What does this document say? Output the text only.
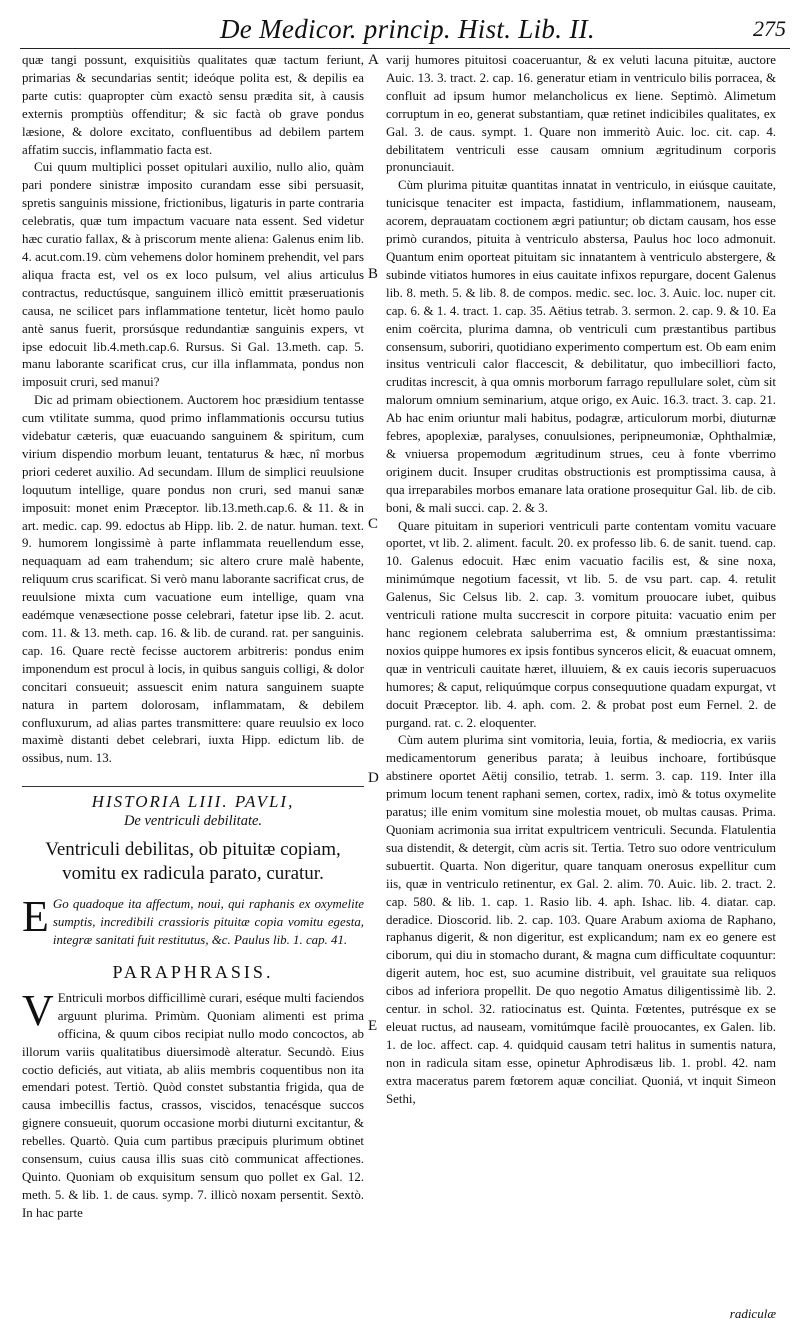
De Medicor. princip. Hist. Lib. II.	275
A
B
C
D
E

quæ tangi possunt, exquisitiùs qualitates quæ tactum feriunt, primarias & secundarias sentit; ideóque polita est, & depilis ea parte cutis: quapropter cùm exactò sensu prædita sit, à causis externis promptiùs offenditur; & sic factà ob grave pondus læsione, & dolore excitato, confluentibus ad debilem partem affatim succis, inflammatio facta est.

Cui quum multiplici posset opitulari auxilio, nullo alio, quàm pari pondere sinistræ imposito curandam esse sibi persuasit, spretis sanguinis missione, frictionibus, ligaturis in parte contraria celebratis, quæ tum impactum vacuare nata essent. Sed videtur hæc curatio fallax, & à priscorum mente aliena: Galenus enim lib. 4. acut.com.19. cùm vehemens dolor hominem prehendit, vel pars aliqua fracta est, vel os ex loco pulsum, vel alius articulus contractus, reductúsque, sanguinem illicò emittit præseruationis causa, ne scilicet pars inflammatione tentetur, licèt homo paulo antè sanus fuerit, prorsúsque redundantiæ sanguinis expers, vt ipse edocuit lib.4.meth.cap.6. Rursus. Si Gal. 13.meth. cap. 5. manu laborante scarificat crus, cur illa inflammata, pondus non imposuit cruri, sed manui?

Dic ad primam obiectionem. Auctorem hoc præsidium tentasse cum vtilitate summa, quod primo inflammationis occursu tutius videbatur cæteris, quæ euacuando sanguinem & spiritum, cum virium dispendio morbum leuant, tentaturus & hæc, nî morbus priori cederet auxilio. Ad secundam. Illum de simplici reuulsione loquutum intellige, quare pondus non cruri, sed manui sanæ imposuit: monet enim Præceptor. lib.13.meth.cap.6. & 11. & in art. medic. cap. 99. edoctus ab Hipp. lib. 2. de natur. human. text. 9. humorem longissimè à parte inflammata reuellendum esse, nequaquam ad eam trahendum; sic altero crure malè habente, reliquum crus scarificat. Si verò manu laborante sacrificat crus, de reuulsione mixta cum vacuatione eum intellige, quam vna eadémque venæsectione posse celebrari, fatetur ipse lib. 2. acut. com. 11. & 13. meth. cap. 16. & lib. de curand. rat. per sanguinis. cap. 16. Quare rectè fecisse auctorem arbitreris: pondus enim imponendum est procul à locis, in quibus sanguis colligi, & dolor concitari consueuit; assuescit enim natura sanguinem suapte natura in partem dolorosam, inflammatam, & debilem confluxurum, ad alias partes transmittere: quare reuulsio ex loco maximè distanti debet celebrari, iuxta Hipp. edictum lib. de ossibus, num. 13.

HISTORIA LIII. PAVLI,
De ventriculi debilitate.
Ventriculi debilitas, ob pituitæ copiam, vomitu ex radicula parato, curatur.
E Go quadoque ita affectum, noui, qui raphanis ex oxymelite sumptis, incredibili crassioris pituitæ copia vomitu egesta, integræ sanitati fuit restitutus, &c. Paulus lib. 1. cap. 41.
PARAPHRASIS.
V Entriculi morbos difficillimè curari, eséque multi faciendos arguunt plurima. Primùm. Quoniam alimenti est prima officina, & quum cibos recipiat nullo modo concoctos, ab illorum variis qualitatibus diuersimodè alteratur. Secundò. Eius coctio deficiés, aut vitiata, ab aliis membris coquentibus non ita emendari potest. Tertiò. Quòd constet substantia frigida, qua de causa imbecillis factus, crassos, viscidos, tenacésque succos gignere consueuit, quorum occasione morbi diuturni excitantur, & rebelles. Quartò. Quia cum partibus præcipuis plurimum obtinet consensum, cuius causa illis suas citò communicat affectiones. Quinto. Quoniam ob exquisitum sensum quo pollet ex Gal. 12. meth. 5. & lib. 1. de caus. symp. 7. illicò noxam persentit. Sextò. In hac parte

varij humores pituitosi coaceruantur, & ex veluti lacuna pituitæ, auctore Auic. 13. 3. tract. 2. cap. 16. generatur etiam in ventriculo bilis porracea, & confluit ad ipsum humor melancholicus ex liene. Septimò. Alimetum corruptum in eo, generat substantiam, quæ retinet indicibiles qualitates, ex Gal. 3. de caus. sympt. 1. Quare non immeritò Auic. loc. cit. cap. 4. debilitatem ventriculi esse causam omnium ægritudinum corporis pronunciauit.

Cùm plurima pituitæ quantitas innatat in ventriculo, in eiúsque cauitate, tunicisque tenaciter est impacta, fastidium, inflammationem, nauseam, acorem, deprauatam coctionem ægri patiuntur; ob dictam causam, hos esse primò curandos, pituita à ventriculo abstersa, Paulus hoc loco admonuit. Quantum enim oporteat pituitam sic innatantem à ventriculo abstergere, & subinde vitiatos humores in eius cauitate infixos repurgare, docent Galenus lib. 8. meth. 5. & lib. 8. de compos. medic. sec. loc. 3. Auic. loc. nuper cit. cap. 6. & 1. 4. tract. 1. cap. 35. Aëtius tetrab. 3. sermon. 2. cap. 9. & 10. Ea enim coërcita, plurima damna, ob ventriculi cum præstantibus partibus consensum, suboriri, quotidiano experimento compertum est. Ob eam enim insitus ventriculi calor flaccescit, & debilitatur, quo imbecilliori facto, cruditas increscit, à qua omnis morborum farrago repullulare solet, cùm sit malorum omnium seminarium, atque origo, ex Auic. 16.3. tract. 3. cap. 21. Ab hac enim oriuntur mali habitus, podagræ, articulorum morbi, diuturnæ febres, apoplexiæ, paralyses, conuulsiones, peripneumoniæ, Ophthalmiæ, & vniuersa propemodum ægritudinum strues, ceu à fonte vberrimo originem ducit. Insuper cruditas obstructionis est promptissima causa, à qua irreparabiles morbos emanare lata oratione prosequitur Gal. lib. de cib. boni, & mali succi. cap. 2. & 3.

Quare pituitam in superiori ventriculi parte contentam vomitu vacuare oportet, vt lib. 2. aliment. facult. 20. ex professo lib. 6. de sanit. tuend. cap. 10. Galenus edocuit. Hæc enim vacuatio facilis est, & sine noxa, minimúmque negotium facessit, vt lib. 5. de vsu part. cap. 4. retulit Galenus, Sic Celsus lib. 2. cap. 3. vomitum prouocare iubet, quibus ventriculi ratione multa succrescit in corpore pituita: vacuatio enim per hanc regionem celebrata saluberrima est, & omnium præstantissima: noxios quippe humores ex ipsis fontibus synceros elicit, & euacuat omnem, quæ in ventriculi cauitate hæret, illuuiem, & ex cauis iecoris superuacuos humores; & caput, reliquúmque corpus consequutione quadam expurgat, vt docuit Præceptor. lib. 4. aph. com. 2. & probat post eum Fernel. 2. de purgand. rat. c. 2. eloquenter.

Cùm autem plurima sint vomitoria, leuia, fortia, & mediocria, ex variis medicamentorum generibus parata; à leuibus inchoare, fortibúsque abstinere oportet Aëtij consilio, tetrab. 1. serm. 3. cap. 119. Inter illa primum locum tenent raphani semen, cortex, radix, imò & totus oxymelite paratus; ille enim vomitum sine molestia mouet, ob multas causas. Prima. Quoniam acrimonia sua irritat expultricem ventriculi. Secunda. Flatulentia sua distendit, & detergit, cùm acris sit. Tertia. Tetro suo odore ventriculum subuertit. Quarta. Non digeritur, quare tanquam onerosus expellitur cum iis, quæ in ventriculo retinentur, ex Gal. 2. alim. 70. Auic. lib. 2. tract. 2. cap. 580. & lib. 1. cap. 1. Rasio lib. 4. aph. Ishac. lib. 4. diatar. cap. deradice. Dioscorid. lib. 2. cap. 103. Quare Arabum axioma de Raphano, raphanus digerit, & non digeritur, est explicandum; nam ex eo genere est ciborum, qui diu in stomacho durant, & magna cum difficultate coquuntur: digerit autem, hoc est, suo acumine distribuit, vel grauitate sua reliquos cibos ad inferiora propellit. De quo negotio Amatus diligentissimè lib. 2. centur. in schol. 32. ratiocinatus est. Quinta. Fœtentes, putrésque ex se eleuat ructus, ad nauseam, vomitúmque facilè prouocantes, ex Galen. lib. 1. de loc. affect. cap. 4. quidquid causam tetri halitus in sumentis natura, non in radicula sitam esse, opinetur Aphrodisæus lib. 1. probl. 42. nam extra maceratus parem fœtorem aquæ conciliat. Quoniá, vt inquit Simeon Sethi,

radiculæ
